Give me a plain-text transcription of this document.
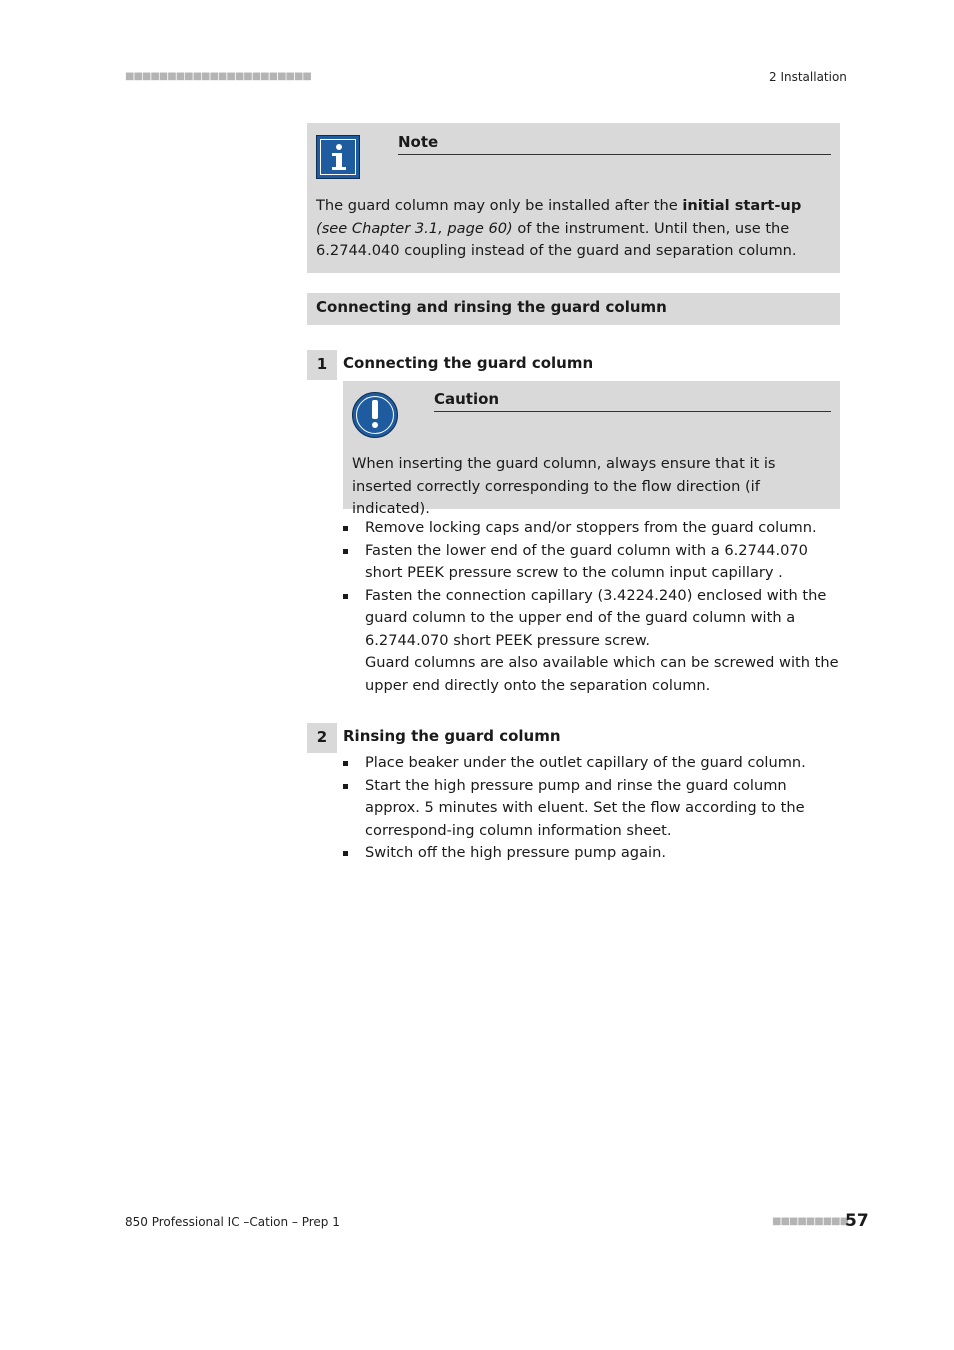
■■■■■■■■■■■■■■■■■■■■■■	2 Installation
Note
The guard column may only be installed after the initial start-up (see Chapter 3.1, page 60) of the instrument. Until then, use the 6.2744.040 coupling instead of the guard and separation column.
Connecting and rinsing the guard column
1	Connecting the guard column
Caution
When inserting the guard column, always ensure that it is inserted correctly corresponding to the flow direction (if indicated).
Remove locking caps and/or stoppers from the guard column.
Fasten the lower end of the guard column with a 6.2744.070 short PEEK pressure screw to the column input capillary .
Fasten the connection capillary (3.4224.240) enclosed with the guard column to the upper end of the guard column with a 6.2744.070 short PEEK pressure screw.
Guard columns are also available which can be screwed with the upper end directly onto the separation column.
2	Rinsing the guard column
Place beaker under the outlet capillary of the guard column.
Start the high pressure pump and rinse the guard column approx. 5 minutes with eluent. Set the flow according to the correspond-ing column information sheet.
Switch off the high pressure pump again.
850 Professional IC –Cation – Prep 1	■■■■■■■■■
57
